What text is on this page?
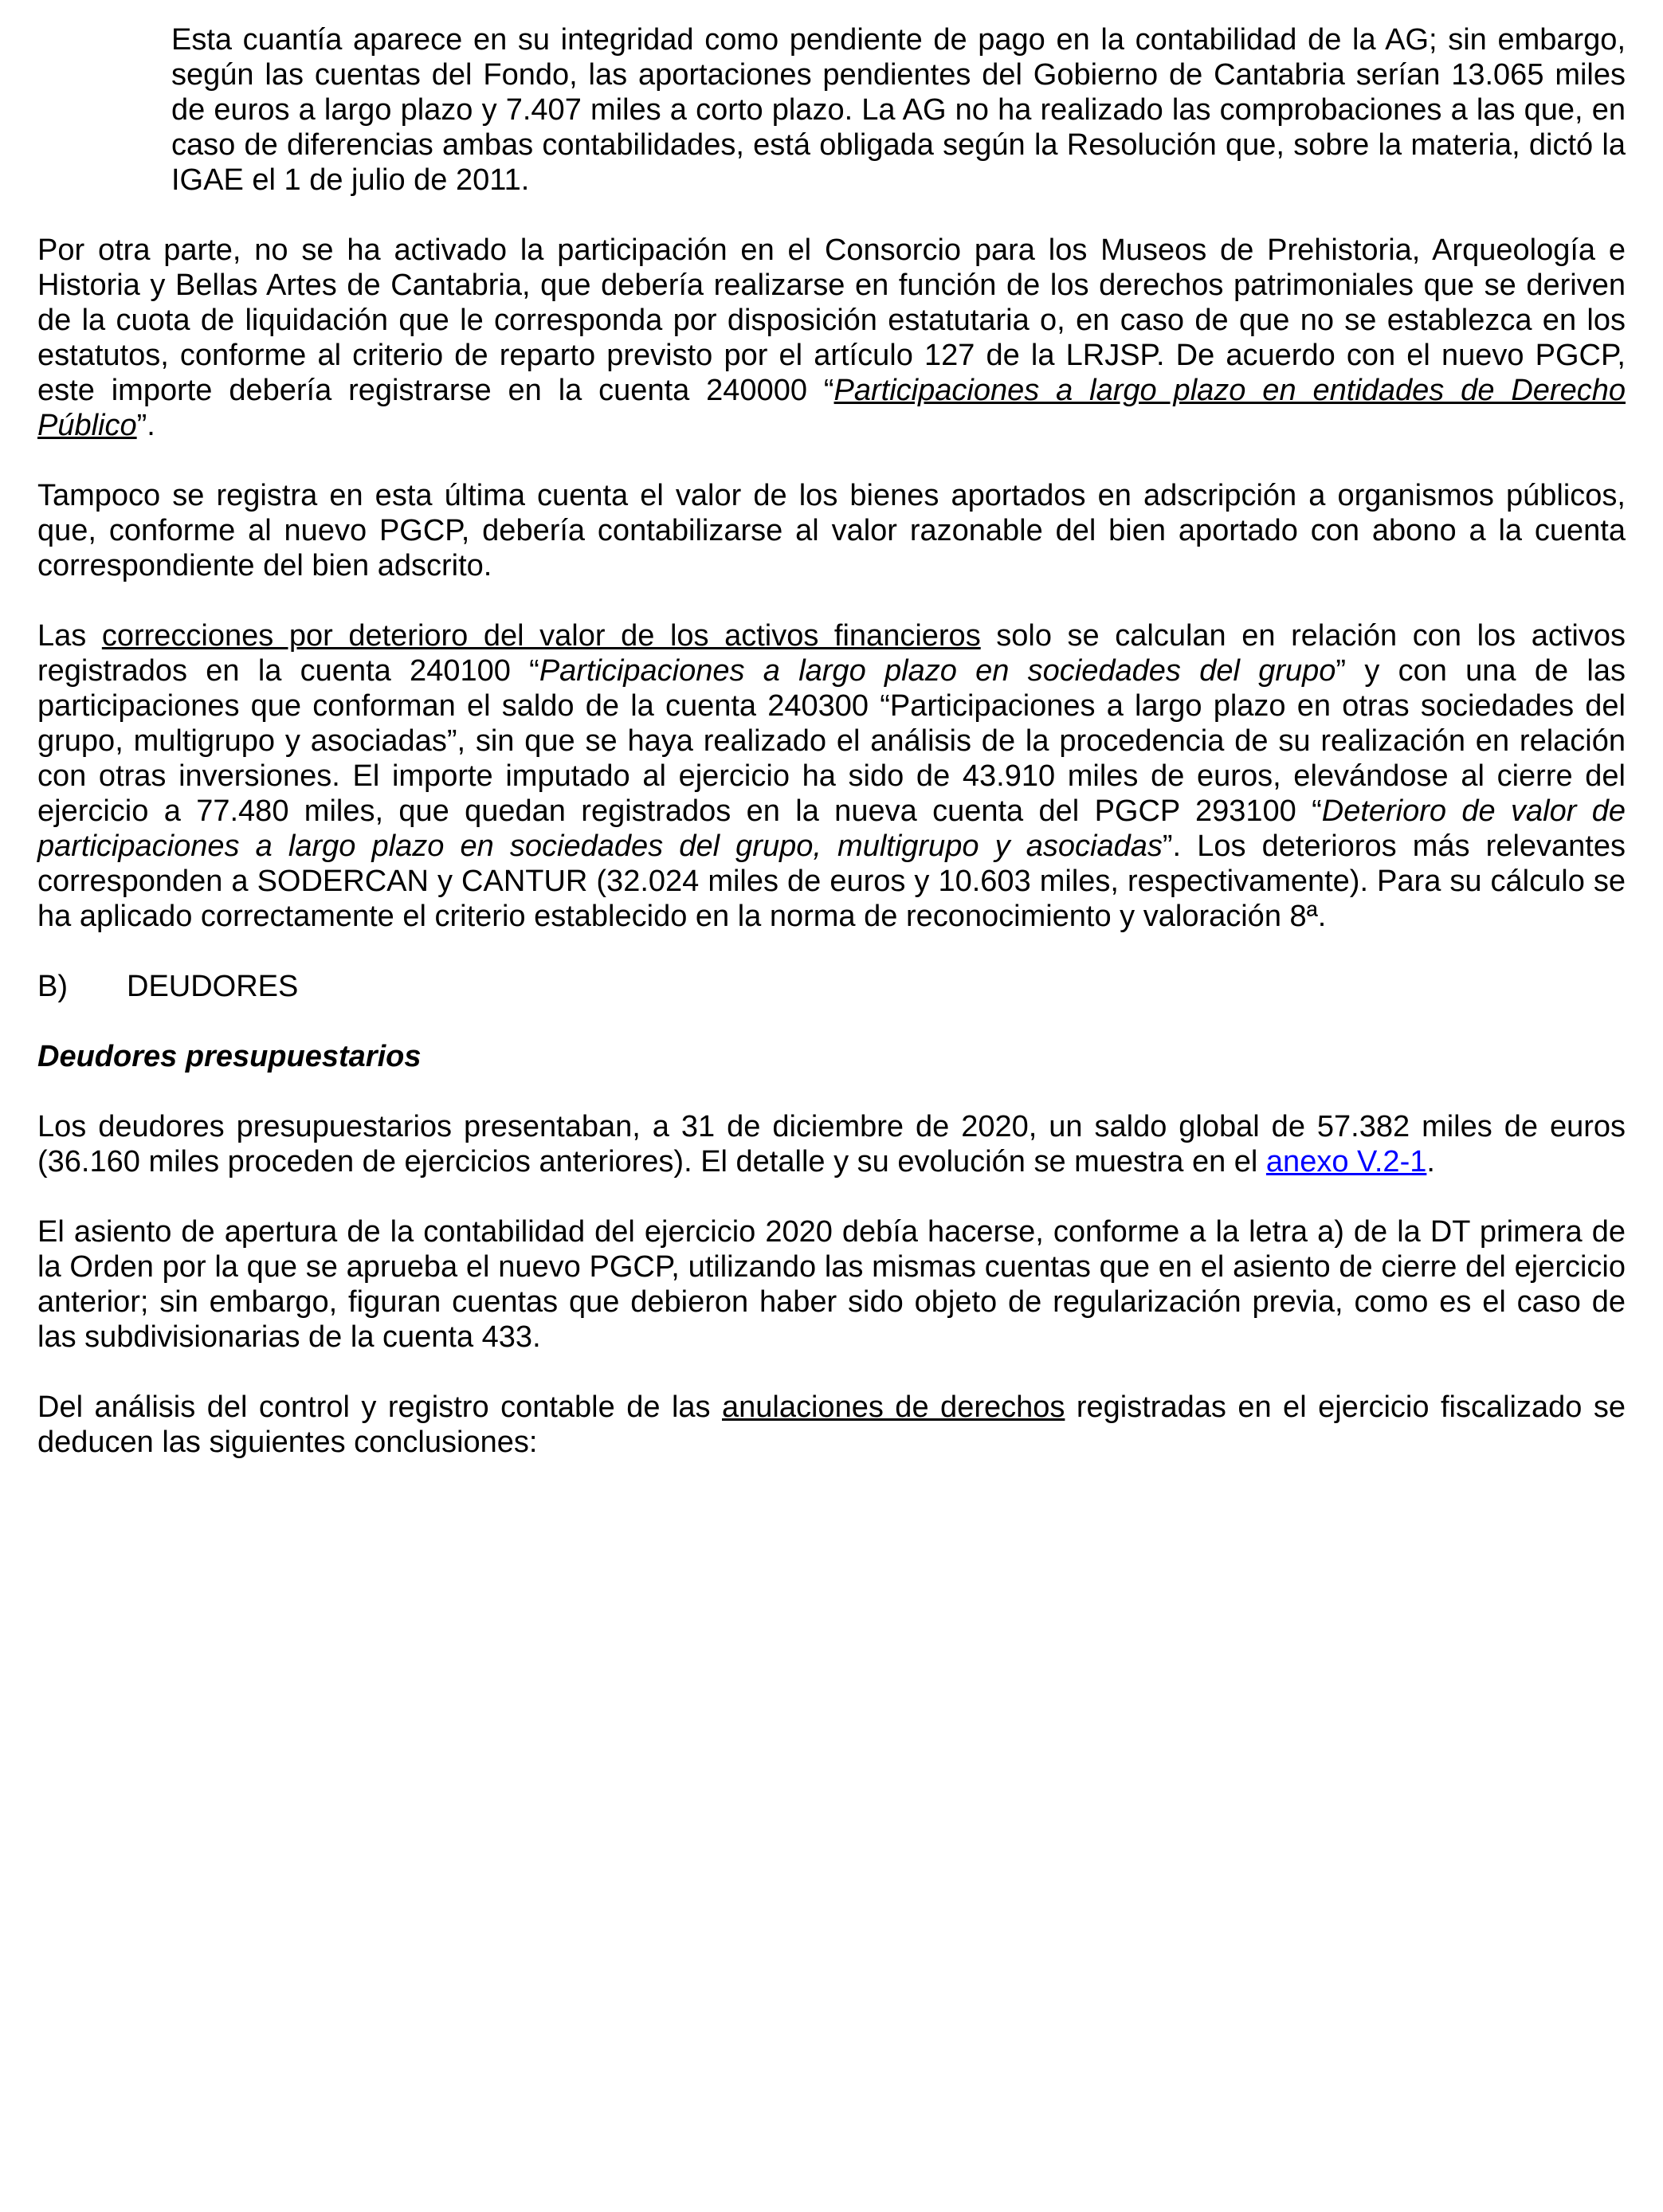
Esta cuantía aparece en su integridad como pendiente de pago en la contabilidad de la AG; sin embargo, según las cuentas del Fondo, las aportaciones pendientes del Gobierno de Cantabria serían 13.065 miles de euros a largo plazo y 7.407 miles a corto plazo. La AG no ha realizado las comprobaciones a las que, en caso de diferencias ambas contabilidades, está obligada según la Resolución que, sobre la materia, dictó la IGAE el 1 de julio de 2011.

Por otra parte, no se ha activado la participación en el Consorcio para los Museos de Prehistoria, Arqueología e Historia y Bellas Artes de Cantabria, que debería realizarse en función de los derechos patrimoniales que se deriven de la cuota de liquidación que le corresponda por disposición estatutaria o, en caso de que no se establezca en los estatutos, conforme al criterio de reparto previsto por el artículo 127 de la LRJSP. De acuerdo con el nuevo PGCP, este importe debería registrarse en la cuenta 240000 “Participaciones a largo plazo en entidades de Derecho Público”.

Tampoco se registra en esta última cuenta el valor de los bienes aportados en adscripción a organismos públicos, que, conforme al nuevo PGCP, debería contabilizarse al valor razonable del bien aportado con abono a la cuenta correspondiente del bien adscrito.

Las correcciones por deterioro del valor de los activos financieros solo se calculan en relación con los activos registrados en la cuenta 240100 “Participaciones a largo plazo en sociedades del grupo” y con una de las participaciones que conforman el saldo de la cuenta 240300 “Participaciones a largo plazo en otras sociedades del grupo, multigrupo y asociadas”, sin que se haya realizado el análisis de la procedencia de su realización en relación con otras inversiones. El importe imputado al ejercicio ha sido de 43.910 miles de euros, elevándose al cierre del ejercicio a 77.480 miles, que quedan registrados en la nueva cuenta del PGCP 293100 “Deterioro de valor de participaciones a largo plazo en sociedades del grupo, multigrupo y asociadas”. Los deterioros más relevantes corresponden a SODERCAN y CANTUR (32.024 miles de euros y 10.603 miles, respectivamente). Para su cálculo se ha aplicado correctamente el criterio establecido en la norma de reconocimiento y valoración 8ª.

B) DEUDORES

Deudores presupuestarios

Los deudores presupuestarios presentaban, a 31 de diciembre de 2020, un saldo global de 57.382 miles de euros (36.160 miles proceden de ejercicios anteriores). El detalle y su evolución se muestra en el anexo V.2-1.

El asiento de apertura de la contabilidad del ejercicio 2020 debía hacerse, conforme a la letra a) de la DT primera de la Orden por la que se aprueba el nuevo PGCP, utilizando las mismas cuentas que en el asiento de cierre del ejercicio anterior; sin embargo, figuran cuentas que debieron haber sido objeto de regularización previa, como es el caso de las subdivisionarias de la cuenta 433.

Del análisis del control y registro contable de las anulaciones de derechos registradas en el ejercicio fiscalizado se deducen las siguientes conclusiones:
